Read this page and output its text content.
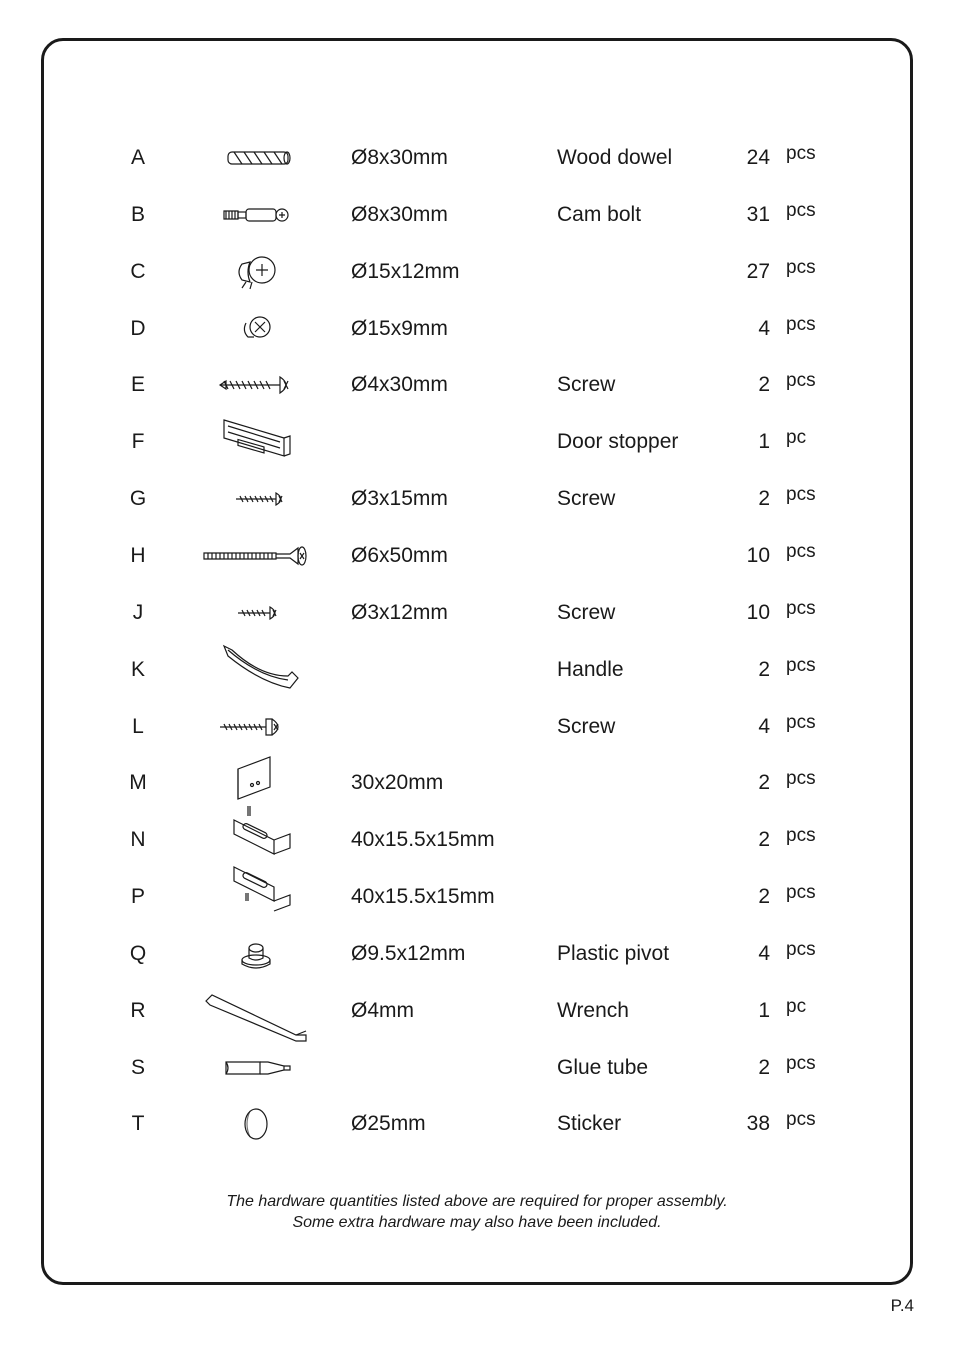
A	Ø8x30mm	Wood dowel	24 pcs
B	Ø8x30mm	Cam bolt	31 pcs
C	Ø15x12mm	27 pcs
D	Ø15x9mm	4 pcs
E	Ø4x30mm	Screw	2 pcs
F	Door stopper	1 pc
G	Ø3x15mm	Screw	2 pcs
H	Ø6x50mm	10 pcs
J	Ø3x12mm	Screw	10 pcs
K	Handle	2 pcs
L	Screw	4 pcs
M	30x20mm	2 pcs
N	40x15.5x15mm	2 pcs
P	40x15.5x15mm	2 pcs
Q	Ø9.5x12mm	Plastic pivot	4 pcs
R	Ø4mm	Wrench	1 pc
S	Glue tube	2 pcs
T	Ø25mm	Sticker	38 pcs
The hardware quantities listed above are required for proper assembly.
Some extra hardware may also have been included.
P.4
